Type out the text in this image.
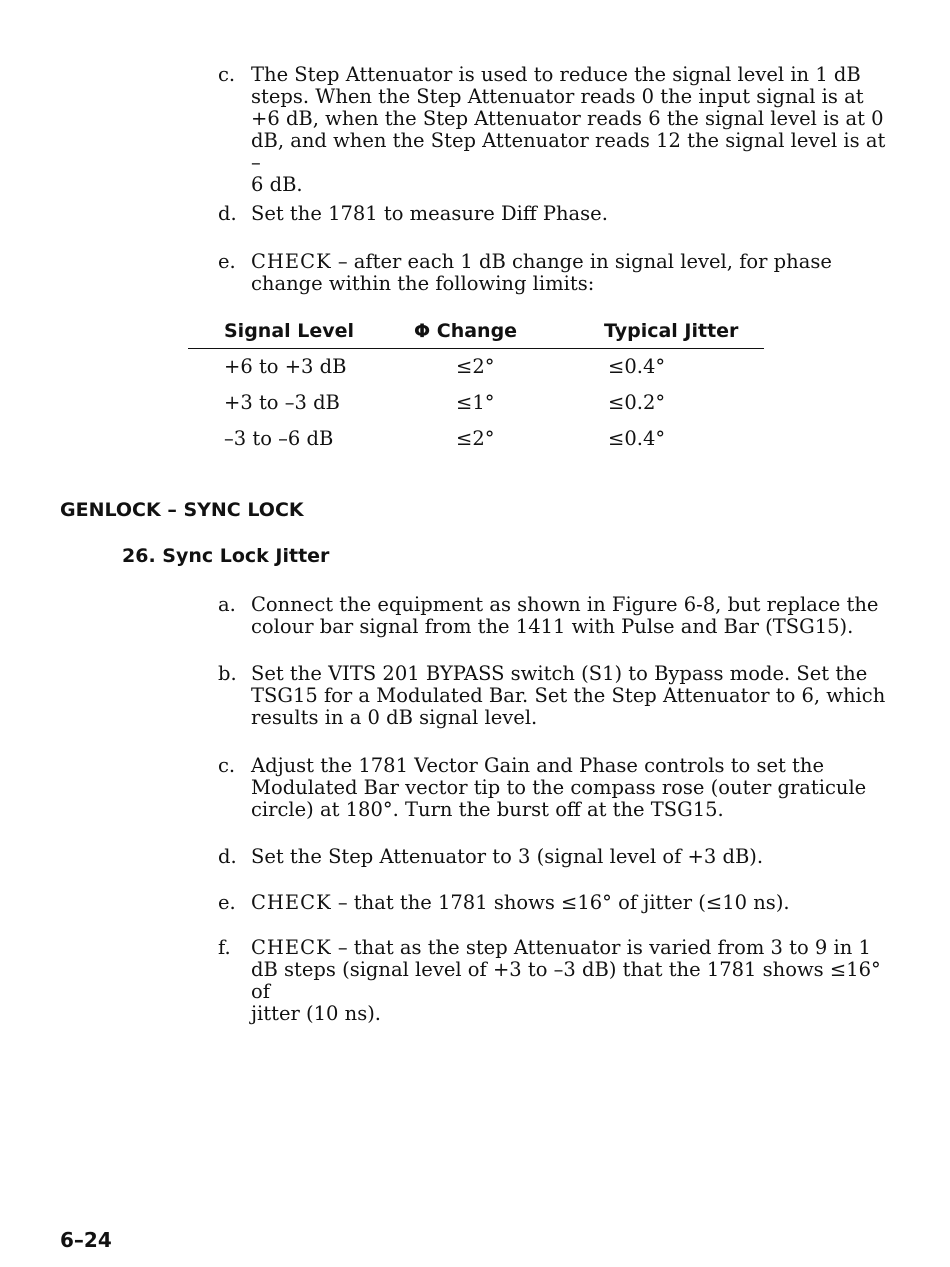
c. The Step Attenuator is used to reduce the signal level in 1 dB
steps. When the Step Attenuator reads 0 the input signal is at
+6 dB, when the Step Attenuator reads 6 the signal level is at 0
dB, and when the Step Attenuator reads 12 the signal level is at –
6 dB.
d. Set the 1781 to measure Diff Phase.
e. CHECK – after each 1 dB change in signal level, for phase
change within the following limits:
Signal Level	Φ Change	Typical Jitter
+6 to +3 dB	≤2°	≤0.4°
+3 to –3 dB	≤1°	≤0.2°
–3 to –6 dB	≤2°	≤0.4°
GENLOCK – SYNC LOCK
26. Sync Lock Jitter
a. Connect the equipment as shown in Figure 6-8, but replace the
colour bar signal from the 1411 with Pulse and Bar (TSG15).
b. Set the VITS 201 BYPASS switch (S1) to Bypass mode. Set the
TSG15 for a Modulated Bar. Set the Step Attenuator to 6, which
results in a 0 dB signal level.
c. Adjust the 1781 Vector Gain and Phase controls to set the
Modulated Bar vector tip to the compass rose (outer graticule
circle) at 180°. Turn the burst off at the TSG15.
d. Set the Step Attenuator to 3 (signal level of +3 dB).
e. CHECK – that the 1781 shows ≤16° of jitter (≤10 ns).
f. CHECK – that as the step Attenuator is varied from 3 to 9 in 1
dB steps (signal level of +3 to –3 dB) that the 1781 shows ≤16° of
jitter (10 ns).
6–24
